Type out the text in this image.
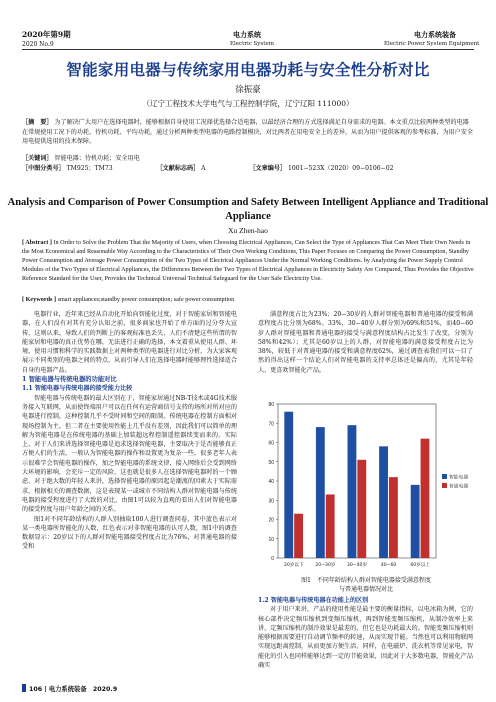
2020年第9期
2020 No.9
电力系统
Electric System
电力系统装备
Electric Power System Equipment
智能家用电器与传统家用电器功耗与安全性分析对比
徐振豪
（辽宁工程技术大学电气与工程控制学院，辽宁辽阳 111000）
［摘　要］ 为了解决广大用户在选择电器时，能够根据自身使用工况择优选择合适电器，以最经济合理的方式选择满足自身需求的电器。本文重点比较两种类型的电器在常规使用工况下的功耗、待机功耗、平均功耗，通过分析两种类型电器的电路控制模块，对比两者在用电安全上的差异，从而为用户提供客观的参考标准，为用户安全用电提供选用的技术保障。
［关键词］ 智能电器；待机功耗；安全用电
［中图分类号］ TM925；TM73	［文献标志码］ A	［文章编号］ 1001−523X（2020）09−0106−02
Analysis and Comparison of Power Consumption and Safety Between Intelligent Appliance and Traditional Appliance
Xu Zhen-hao
[ Abstract ] In Order to Solve the Problem That the Majority of Users, when Choosing Electrical Appliances, Can Select the Type of Appliances That Can Meet Their Own Needs in the Most Economical and Reasonable Way According to the Characteristics of Their Own Working Conditions, This Paper Focuses on Comparing the Power Consumption, Standby Power Consumption and Average Power Consumption of the Two Types of Electrical Appliances Under the Normal Working Conditions. by Analyzing the Power Supply Control Modules of the Two Types of Electrical Appliances, the Differences Between the Two Types of Electrical Appliances in Electricity Safety Are Compared, Thus Provides the Objective Reference Standard for the User, Provides the Technical Universal Technical Safeguard for the User Safe Electricity Use.
[ Keywords ] smart appliances;standby power consumption; safe power consumption

电器行业，近年来已经从自动化开始向智能化过度，对于智能家居和智能电器，在人们没有对其有充分认知之前，很多商家也开始了单方面的过分夸大宣传，这则认来，导致人们的判断上的客观标准也丢失，人们不清楚这些所谓的智能家居和电器的真正优势在哪，无法进行正确的选择，本文着重从使用人群、环境、使用习惯和科学的实践数据上对两种类型的电器进行对比分析，为大家客观展示不同类别的电器之间的特点，从而引导人们在选择电器时能够理性选择适合自身的电器产品。

1 智能电器与传统电器的功能对比

1.1 智能电器与传统电器的接受能力比较

智能电器与传统电器的最大区别在于，智能家居通过NB-T技术或4G技术服务接入互联网，从而使终端用户可以在任何有运营商信号支持的场所对所对应的电器进行控制，这种控制几乎不受时间和空间的限制。传统电器在控制方面相对现场控制为主，但二者在主要使用性能上几乎没有差别，因此我们可以简单的理解为智能电器是在传统电器的基础上加装超远程控制遥控器续变而来的。实际上，对于人们来讲选择智能电器是追求选择智能电器，主要取决于是否能够真正方便人们的生活，一般认为智能电器的操作和设置更为复杂一些，很多老年人表示很难学会智能电器的操作，加之智能电器的系统文律，接入网络后会受到网络大环境的影响，会充斥一定的风险，这也就是很多人在选择智能电器时的一个顾虑，对于绝大数的年轻人来讲，选择智能电器的原因起是潮流的因素大于实际需求，根据相关的调查数据，这是表现某一或城市不同结构人群对智能电器与传统电器的接受程度进行了大致的对比，由图1可以较为直观的看出人们对智能电器的接受程度与用户年龄之间的关系。

图1对不同年龄结构的人群入别抽取100人进行调查问卷，其中蓝色表示对某一类电器所智能化的人数，红色表示对非智能电器的认可人数，图1中的调查数据显示：20岁以下的人群对智能电器接受程度占比为76%，对普通电器的接受和

满意程度占比为23%；20−30岁的人群对智能电器和普通电器的接受和满意程度占比分别为68%、33%，30−40岁人群分别为69%和51%，而40−60岁人群对智能电器和普通电器的接受与满意程度结构占比发生了改变，分别为58%和42%）；尤其是60岁以上的人群，对智能电器的满意接受程度占比为38%，较低于对普通电器的接受和满意程度62%，通过调查表我们可以一目了然的得出这样一个结论人们对智能电器的支持率总体还是偏高的，尤其是年轻人，更喜欢智能化产品。

0
10
20
30
40
50
60
70
80
20岁以下	20−30岁 30−40岁	40−60	60岁以上
智能电器
普通电器
图1　不同年龄结构人群对智能电器接受满意程度
与普通电器情况对比

1.2 智能电器与传统电器在功能上的区别

对于用户来讲，产品的使用性能是最主要的衡量指标，以电冰箱为例，它的核心部件决定频压缩机到变频压缩机，再到智能变频压缩机，从制冷效率上来讲，定频压缩机的制冷效果是最差的，但它也是功耗最大的。智能变频压缩机则能够根据需要进行自动调节频率的转速，从而实现节能。当然也可以利用物联网实现远距离控制，从而更加方便生活，同样，在电磁炉、洗衣机等常见家电，智能化的引入也同样能够达到一定的节能效果，因此对于大多数电器，智能化产品确实

106 | 电力系统装备　2020.9
